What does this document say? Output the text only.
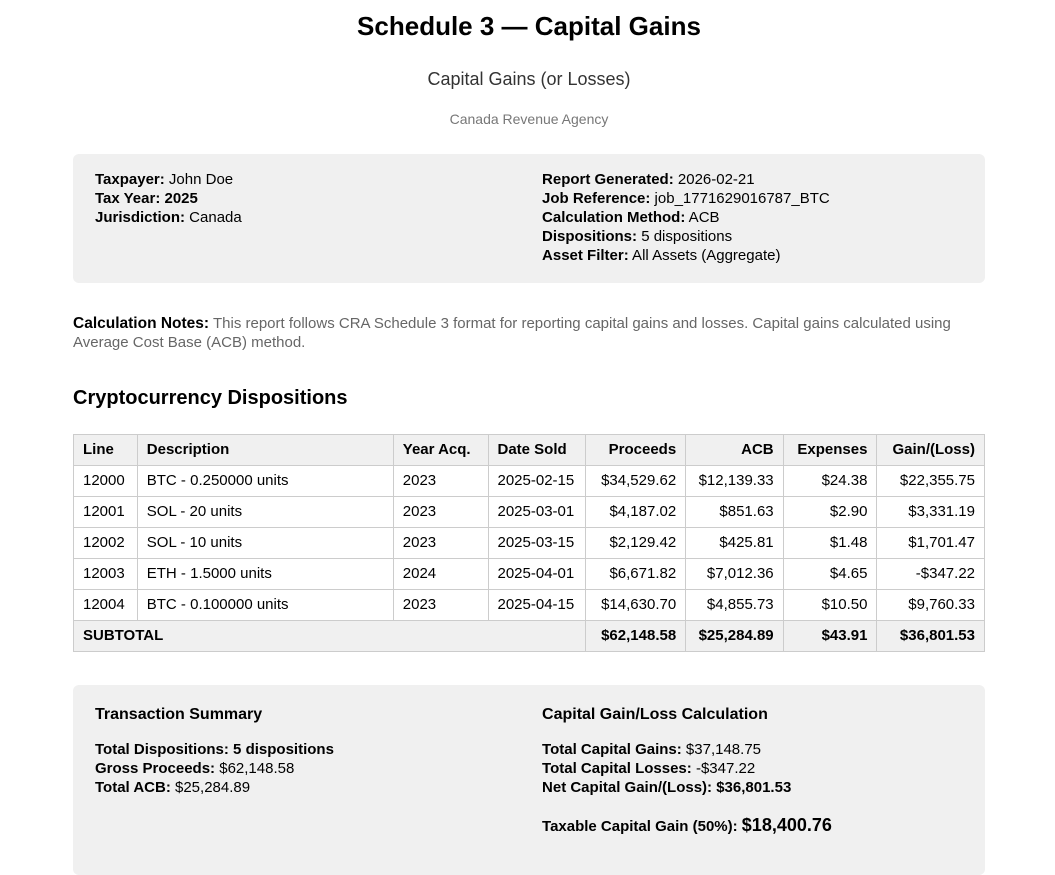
Schedule 3 — Capital Gains
Capital Gains (or Losses)
Canada Revenue Agency
Taxpayer: John Doe
Tax Year: 2025
Jurisdiction: Canada
Report Generated: 2026-02-21
Job Reference: job_1771629016787_BTC
Calculation Method: ACB
Dispositions: 5 dispositions
Asset Filter: All Assets (Aggregate)

Calculation Notes: This report follows CRA Schedule 3 format for reporting capital gains and losses. Capital gains calculated using Average Cost Base (ACB) method.

Cryptocurrency Dispositions
Line	Description	Year Acq.	Date Sold	Proceeds	ACB	Expenses	Gain/(Loss)
12000	BTC - 0.250000 units	2023	2025-02-15	$34,529.62	$12,139.33	$24.38	$22,355.75
12001	SOL - 20 units	2023	2025-03-01	$4,187.02	$851.63	$2.90	$3,331.19
12002	SOL - 10 units	2023	2025-03-15	$2,129.42	$425.81	$1.48	$1,701.47
12003	ETH - 1.5000 units	2024	2025-04-01	$6,671.82	$7,012.36	$4.65	-$347.22
12004	BTC - 0.100000 units	2023	2025-04-15	$14,630.70	$4,855.73	$10.50	$9,760.33
SUBTOTAL				$62,148.58	$25,284.89	$43.91	$36,801.53
Transaction Summary
Total Dispositions: 5 dispositions
Gross Proceeds: $62,148.58
Total ACB: $25,284.89
Capital Gain/Loss Calculation
Total Capital Gains: $37,148.75
Total Capital Losses: -$347.22
Net Capital Gain/(Loss): $36,801.53
Taxable Capital Gain (50%): $18,400.76
